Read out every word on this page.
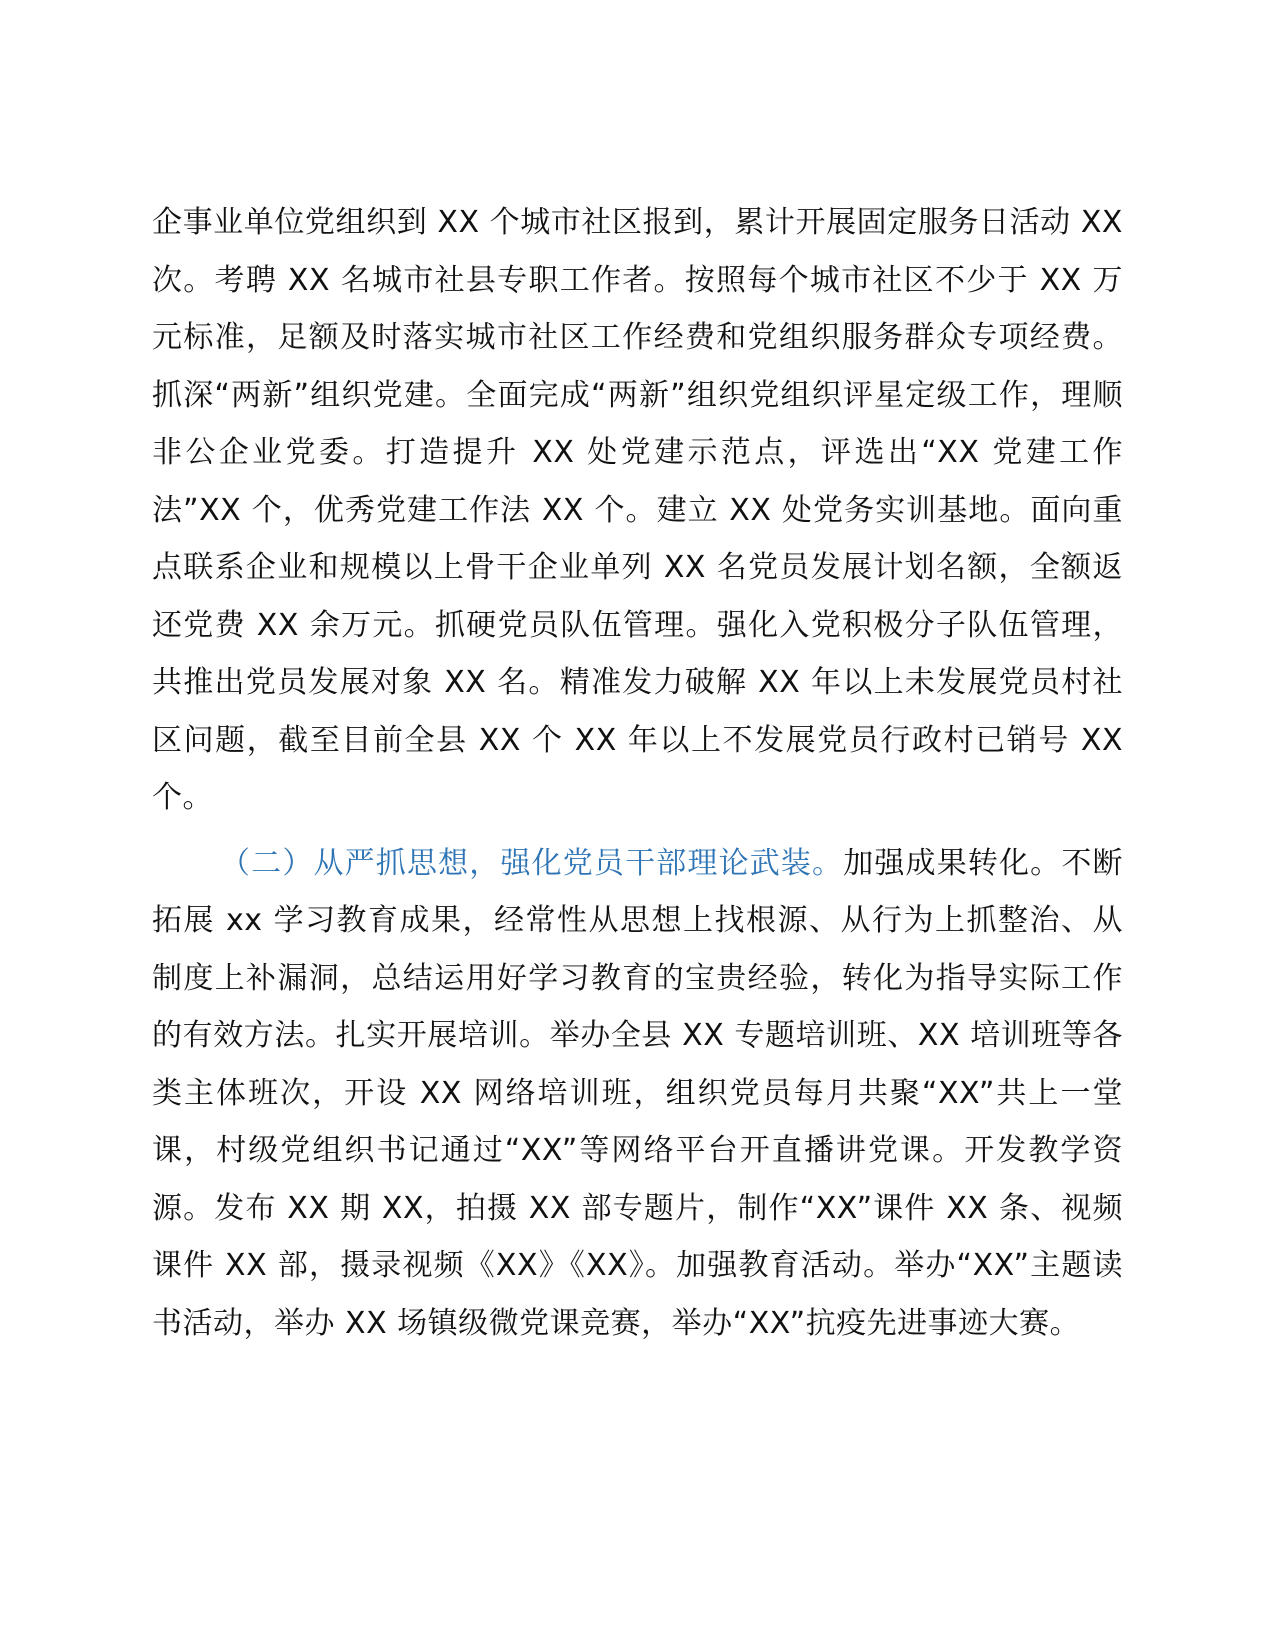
企事业单位党组织到 XX 个城市社区报到，累计开展固定服务日活动 XX 次。考聘 XX 名城市社县专职工作者。按照每个城市社区不少于 XX 万元标准，足额及时落实城市社区工作经费和党组织服务群众专项经费。抓深“两新”组织党建。全面完成“两新”组织党组织评星定级工作，理顺非公企业党委。打造提升 XX 处党建示范点，评选出“XX 党建工作法”XX 个，优秀党建工作法 XX 个。建立 XX 处党务实训基地。面向重点联系企业和规模以上骨干企业单列 XX 名党员发展计划名额，全额返还党费 XX 余万元。抓硬党员队伍管理。强化入党积极分子队伍管理，共推出党员发展对象 XX 名。精准发力破解 XX 年以上未发展党员村社区问题，截至目前全县 XX 个 XX 年以上不发展党员行政村已销号 XX 个。

（二）从严抓思想，强化党员干部理论武装。加强成果转化。不断拓展 xx 学习教育成果，经常性从思想上找根源、从行为上抓整治、从制度上补漏洞，总结运用好学习教育的宝贵经验，转化为指导实际工作的有效方法。扎实开展培训。举办全县 XX 专题培训班、XX 培训班等各类主体班次，开设 XX 网络培训班，组织党员每月共聚“XX”共上一堂课，村级党组织书记通过“XX”等网络平台开直播讲党课。开发教学资源。发布 XX 期 XX，拍摄 XX 部专题片，制作“XX”课件 XX 条、视频课件 XX 部，摄录视频《XX》《XX》。加强教育活动。举办“XX”主题读书活动，举办 XX 场镇级微党课竞赛，举办“XX”抗疫先进事迹大赛。
